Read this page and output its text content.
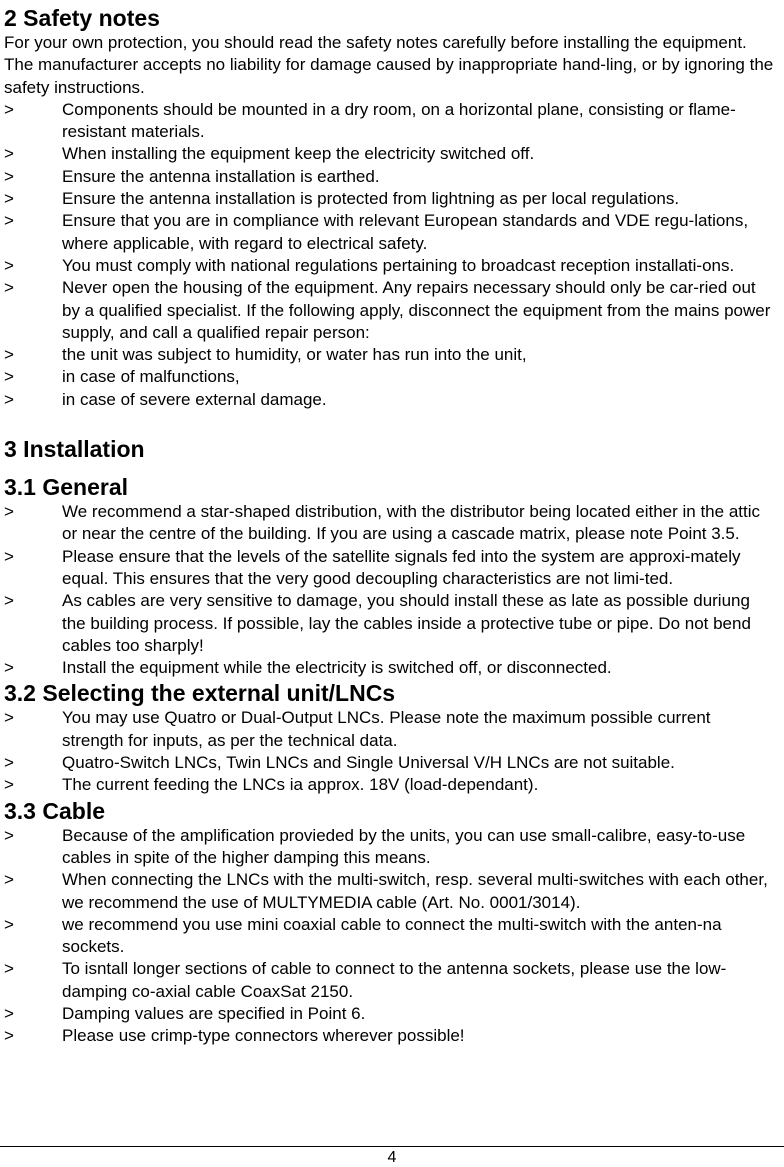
2 Safety notes

For your own protection, you should read the safety notes carefully before installing the equipment. The manufacturer accepts no liability for damage caused by inappropriate hand-ling, or by ignoring the safety instructions.

>	Components should be mounted in a dry room, on a horizontal plane, consisting or flame-resistant materials.
>	When installing the equipment keep the electricity switched off.
>	Ensure the antenna installation is earthed.
>	Ensure the antenna installation is protected from lightning as per local regulations.
>	Ensure that you are in compliance with relevant European standards and VDE regu-lations, where applicable, with regard to electrical safety.
>	You must comply with national regulations pertaining to broadcast reception installati-ons.
>	Never open the housing of the equipment. Any repairs necessary should only be car-ried out by a qualified specialist. If the following apply, disconnect the equipment from the mains power supply, and call a qualified repair person:
>	the unit was subject to humidity, or water has run into the unit,
>	in case of malfunctions,
>	in case of severe external damage.
3 Installation
3.1 General
>	We recommend a star-shaped distribution, with the distributor being located either in the attic or near the centre of the building. If you are using a cascade matrix, please note Point 3.5.
>	Please ensure that the levels of the satellite signals fed into the system are approxi-mately equal. This ensures that the very good decoupling characteristics are not limi-ted.
>	As cables are very sensitive to damage, you should install these as late as possible duriung the building process. If possible, lay the cables inside a protective tube or pipe. Do not bend cables too sharply!
>	Install the equipment while the electricity is switched off, or disconnected.
3.2 Selecting the external unit/LNCs
>	You may use Quatro or Dual-Output LNCs. Please note the maximum possible current strength for inputs, as per the technical data.
>	Quatro-Switch LNCs, Twin LNCs and Single Universal V/H LNCs are not suitable.
>	The current feeding the LNCs ia approx. 18V (load-dependant).
3.3 Cable
>	Because of the amplification provieded by the units, you can use small-calibre, easy-to-use cables in spite of the higher damping this means.
>	When connecting the LNCs with the multi-switch, resp. several multi-switches with each other, we recommend the use of MULTYMEDIA cable (Art. No. 0001/3014).
>	we recommend you use mini coaxial cable to connect the multi-switch with the anten-na sockets.
>	To isntall longer sections of cable to connect to the antenna sockets, please use the low-damping co-axial cable CoaxSat 2150.
>	Damping values are specified in Point 6.
>	Please use crimp-type connectors wherever possible!
4
